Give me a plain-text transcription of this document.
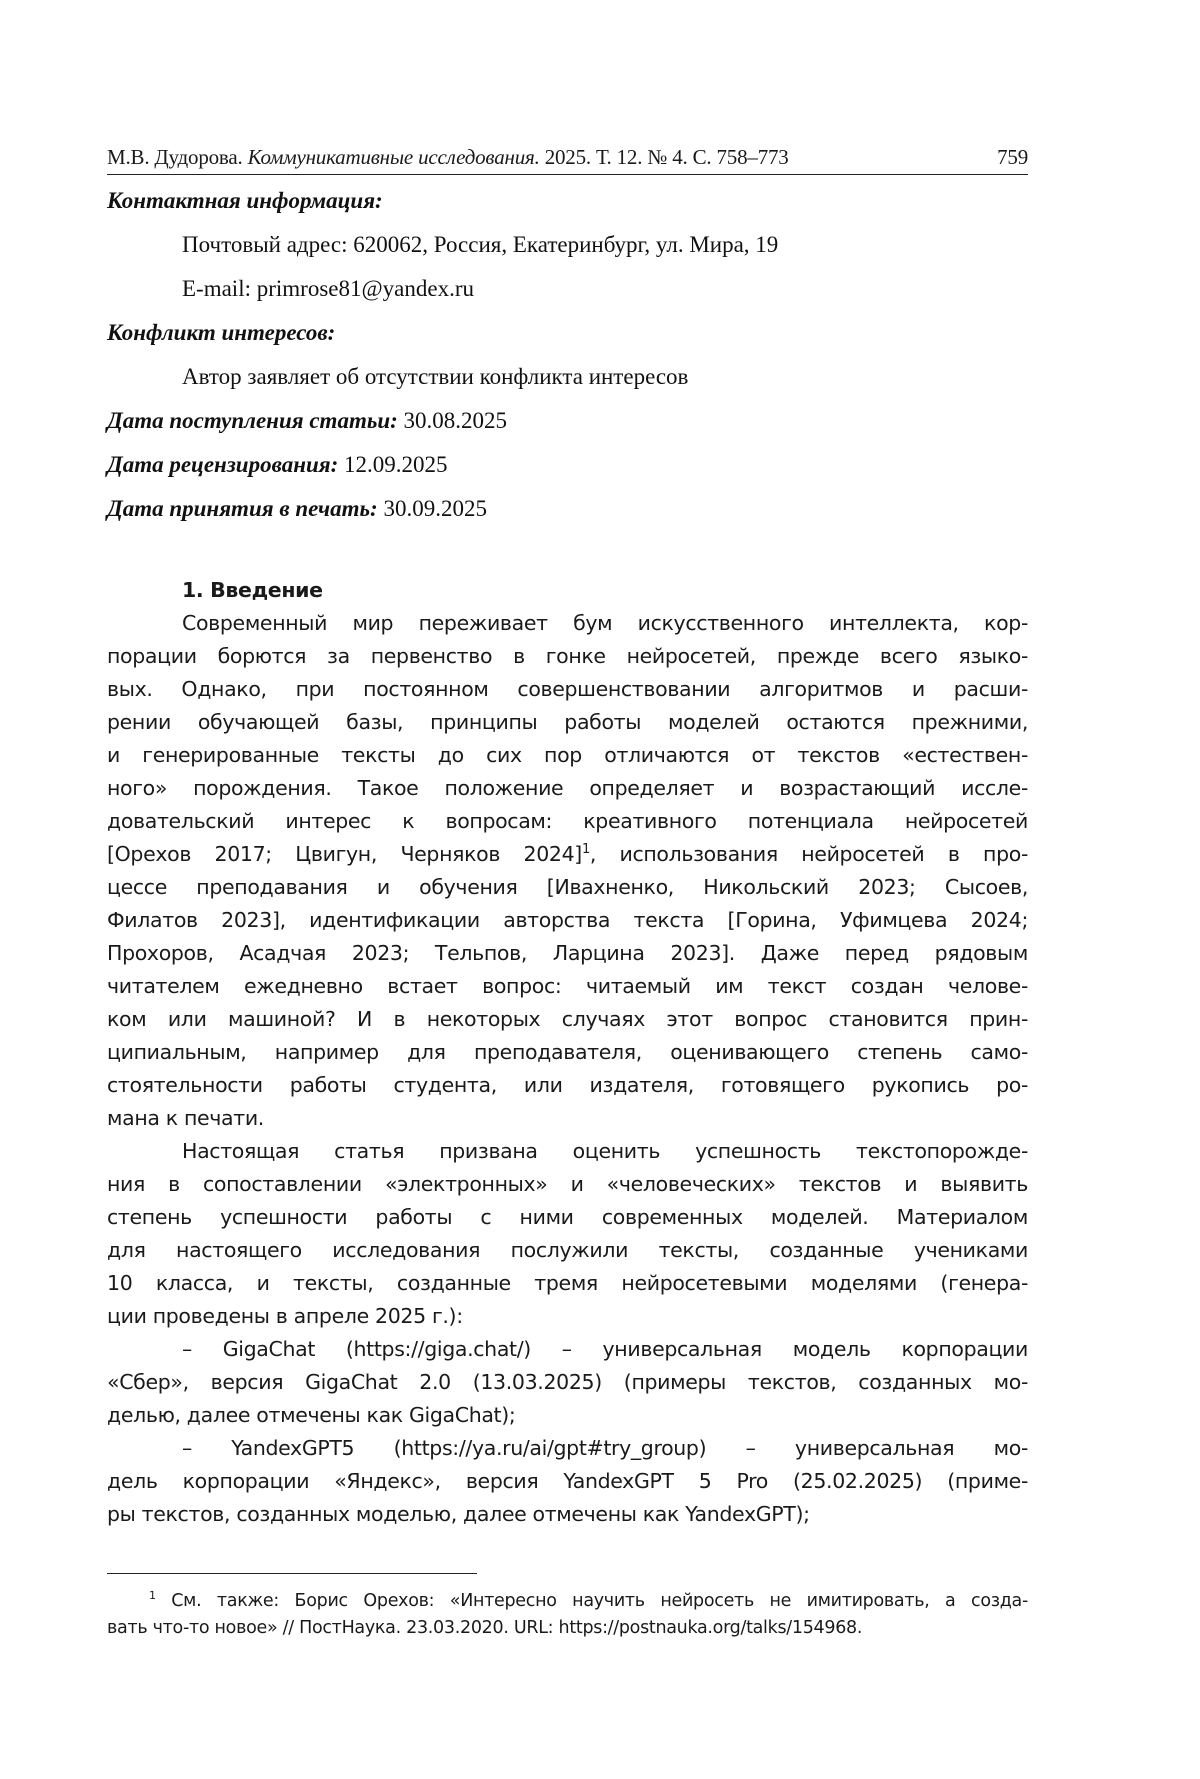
М.В. Дудорова. Коммуникативные исследования. 2025. Т. 12. № 4. С. 758–773	759
Контактная информация:
Почтовый адрес: 620062, Россия, Екатеринбург, ул. Мира, 19
E-mail: primrose81@yandex.ru
Конфликт интересов:
Автор заявляет об отсутствии конфликта интересов
Дата поступления статьи: 30.08.2025
Дата рецензирования: 12.09.2025
Дата принятия в печать: 30.09.2025
1. Введение
Современный мир переживает бум искусственного интеллекта, кор-
порации борются за первенство в гонке нейросетей, прежде всего языко-
вых. Однако, при постоянном совершенствовании алгоритмов и расши-
рении обучающей базы, принципы работы моделей остаются прежними,
и генерированные тексты до сих пор отличаются от текстов «естествен-
ного» порождения. Такое положение определяет и возрастающий иссле-
довательский интерес к вопросам: креативного потенциала нейросетей
[Орехов 2017; Цвигун, Черняков 2024]$^1$, использования нейросетей в про-
цессе преподавания и обучения [Ивахненко, Никольский 2023; Сысоев,
Филатов 2023], идентификации авторства текста [Горина, Уфимцева 2024;
Прохоров, Асадчая 2023; Тельпов, Ларцина 2023]. Даже перед рядовым
читателем ежедневно встает вопрос: читаемый им текст создан челове-
ком или машиной? И в некоторых случаях этот вопрос становится прин-
ципиальным, например для преподавателя, оценивающего степень само-
стоятельности работы студента, или издателя, готовящего рукопись ро-
мана к печати.
Настоящая статья призвана оценить успешность текстопорожде-
ния в сопоставлении «электронных» и «человеческих» текстов и выявить
степень успешности работы с ними современных моделей. Материалом
для настоящего исследования послужили тексты, созданные учениками
10 класса, и тексты, созданные тремя нейросетевыми моделями (генера-
ции проведены в апреле 2025 г.):
– GigaChat (https://giga.chat/) – универсальная модель корпорации
«Сбер», версия GigaChat 2.0 (13.03.2025) (примеры текстов, созданных мо-
делью, далее отмечены как GigaChat);
– YandexGPT5 (https://ya.ru/ai/gpt#try_group) – универсальная мо-
дель корпорации «Яндекс», версия YandexGPT 5 Pro (25.02.2025) (приме-
ры текстов, созданных моделью, далее отмечены как YandexGPT);
$^1$ См. также: Борис Орехов: «Интересно научить нейросеть не имитировать, а созда-
вать что-то новое» // ПостНаука. 23.03.2020. URL: https://postnauka.org/talks/154968.
